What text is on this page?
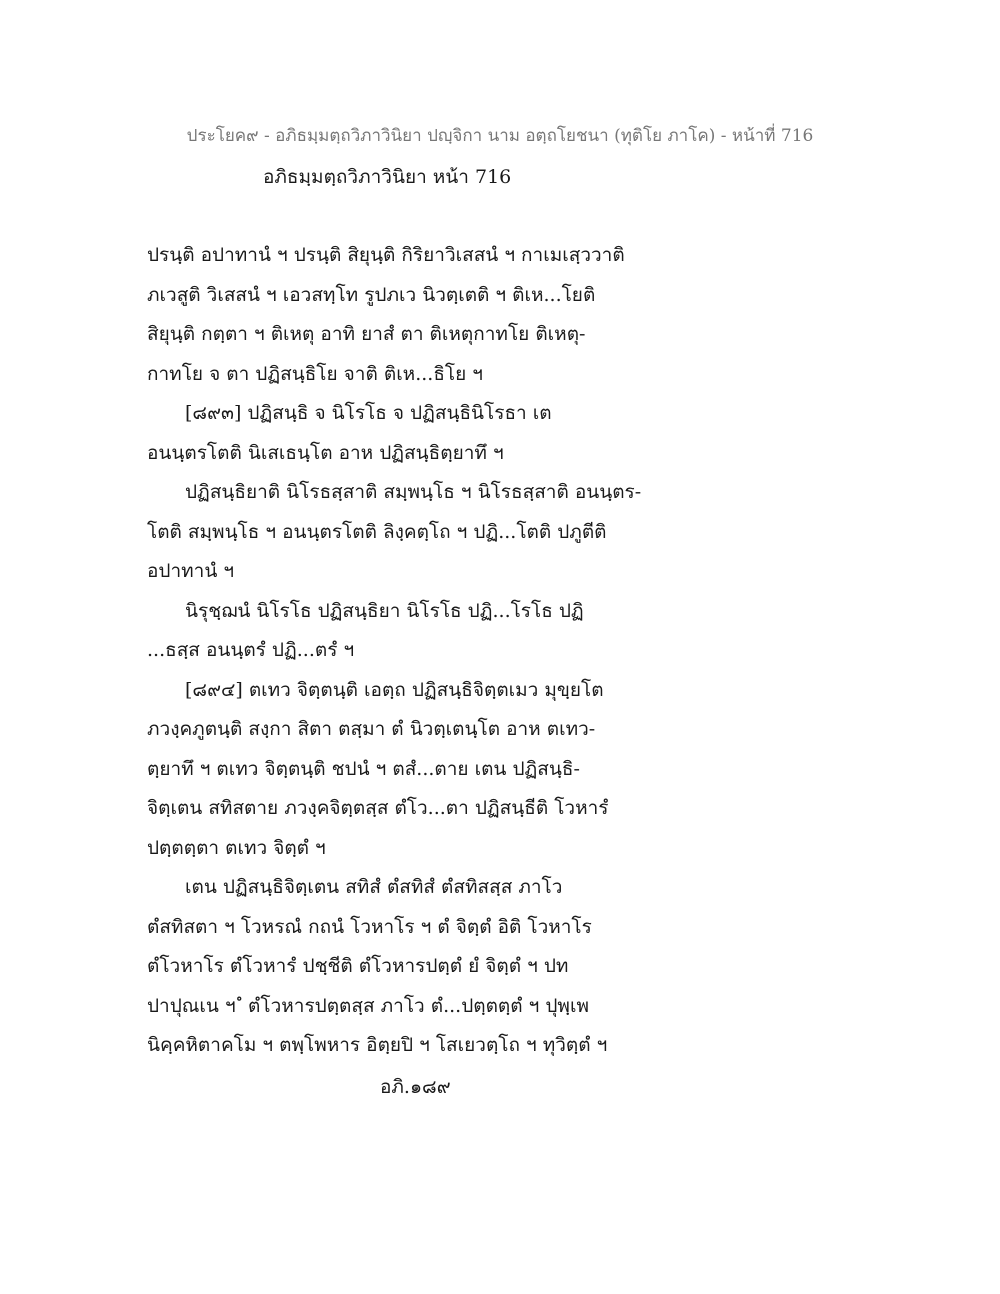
ประโยค๙ - อภิธมฺมตฺถวิภาวินิยา ปญฺจิกา นาม อตฺถโยชนา (ทุติโย ภาโค) - หน้าที่ 716
อภิธมฺมตฺถวิภาวินิยา หน้า 716
ปรนฺติ อปาทานํ ฯ ปรนฺติ สิยุนฺติ กิริยาวิเสสนํ ฯ กาเมเสฺววาติ
ภเวสูติ วิเสสนํ ฯ เอวสทฺโท รูปภเว นิวตฺเตติ ฯ ติเห...โยติ
สิยุนฺติ กตฺตา ฯ ติเหตุ อาทิ ยาสํ ตา ติเหตุกาทโย ติเหตุ-
กาทโย จ ตา ปฏิสนฺธิโย จาติ ติเห...ธิโย ฯ
[๘๙๓] ปฏิสนฺธิ จ นิโรโธ จ ปฏิสนฺธินิโรธา เต
อนนฺตรโตติ นิเสเธนฺโต อาห ปฏิสนฺธิตฺยาทึ ฯ
ปฏิสนฺธิยาติ นิโรธสฺสาติ สมฺพนฺโธ ฯ นิโรธสฺสาติ อนนฺตร-
โตติ สมฺพนฺโธ ฯ อนนฺตรโตติ ลิงฺคตฺโถ ฯ ปฏิ...โตติ ปภูตีติ
อปาทานํ ฯ
นิรุชฺฌนํ นิโรโธ ปฏิสนฺธิยา นิโรโธ ปฏิ...โรโธ ปฏิ
...ธสฺส อนนฺตรํ ปฏิ...ตรํ ฯ
[๘๙๔] ตเทว จิตฺตนฺติ เอตฺถ ปฏิสนฺธิจิตฺตเมว มุขฺยโต
ภวงฺคภูตนฺติ สงฺกา สิตา ตสฺมา ตํ นิวตฺเตนฺโต อาห ตเทว-
ตฺยาทึ ฯ ตเทว จิตฺตนฺติ ชปนํ ฯ ตสํ...ตาย เตน ปฏิสนฺธิ-
จิตฺเตน สทิสตาย ภวงฺคจิตฺตสฺส ตํโว...ตา ปฏิสนฺธีติ โวหารํ
ปตฺตตฺตา ตเทว จิตฺตํ ฯ
เตน ปฏิสนฺธิจิตฺเตน สทิสํ ตํสทิสํ ตํสทิสสฺส ภาโว
ตํสทิสตา ฯ โวหรณํ กถนํ โวหาโร ฯ ตํ จิตฺตํ อิติ โวหาโร
ตํโวหาโร ตํโวหารํ ปชฺชีติ ตํโวหารปตฺตํ ยํ จิตฺตํ ฯ ปท
ปาปุณเน ฯ ํ ตํโวหารปตฺตสฺส ภาโว ตํ...ปตฺตตฺตํ ฯ ปุพฺเพ
นิคฺคหิตาคโม ฯ ตพฺโพหาร อิตฺยปิ ฯ โสเยวตฺโถ ฯ ทุวิตฺตํ ฯ
อภิ.๑๘๙
